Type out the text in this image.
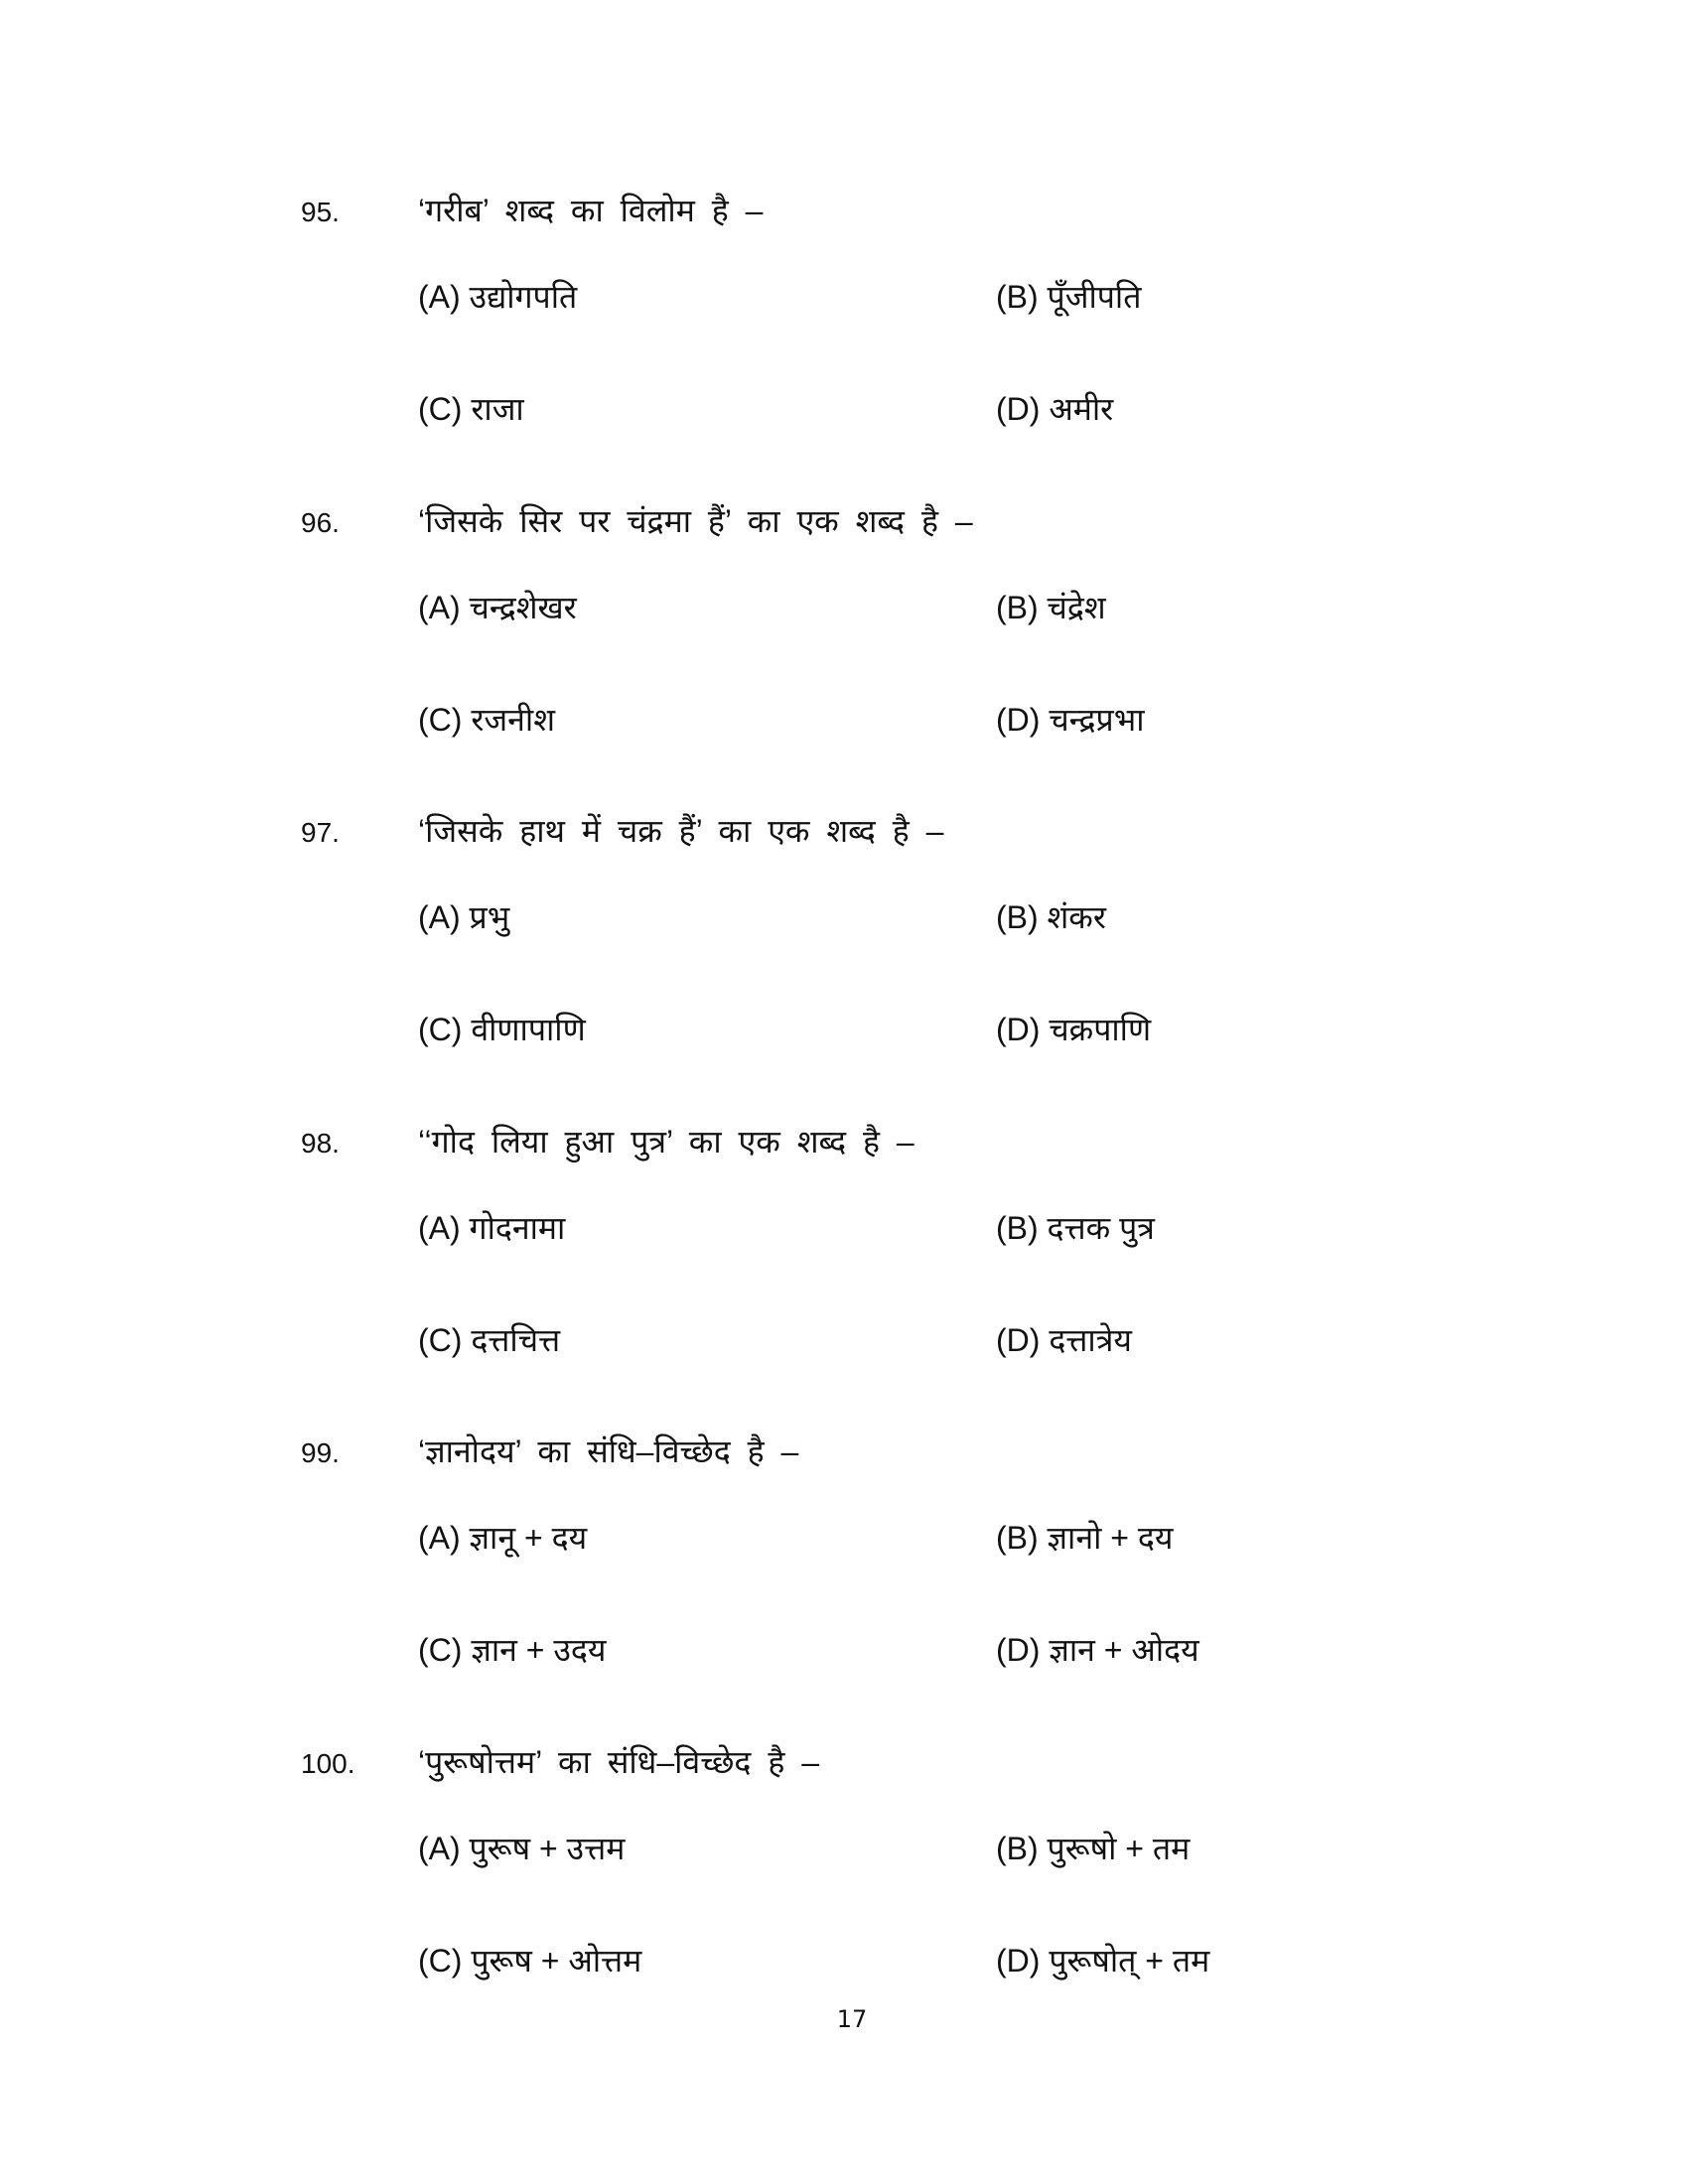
95. ‘गरीब’ शब्द का विलोम है –
(A) उद्योगपति	(B) पूँजीपति
(C) राजा	(D) अमीर
96. ‘जिसके सिर पर चंद्रमा हैं’ का एक शब्द है –
(A) चन्द्रशेखर	(B) चंद्रेश
(C) रजनीश	(D) चन्द्रप्रभा
97. ‘जिसके हाथ में चक्र हैं’ का एक शब्द है –
(A) प्रभु	(B) शंकर
(C) वीणापाणि	(D) चक्रपाणि
98. ‘‘गोद लिया हुआ पुत्र’ का एक शब्द है –
(A) गोदनामा	(B) दत्तक पुत्र
(C) दत्तचित्त	(D) दत्तात्रेय
99. ‘ज्ञानोदय’ का संधि–विच्छेद है –
(A) ज्ञानू + दय	(B) ज्ञानो + दय
(C) ज्ञान + उदय	(D) ज्ञान + ओदय
100. ‘पुरूषोत्तम’ का संधि–विच्छेद है –
(A) पुरूष + उत्तम	(B) पुरूषो + तम
(C) पुरूष + ओत्तम	(D) पुरूषोत् + तम
17
